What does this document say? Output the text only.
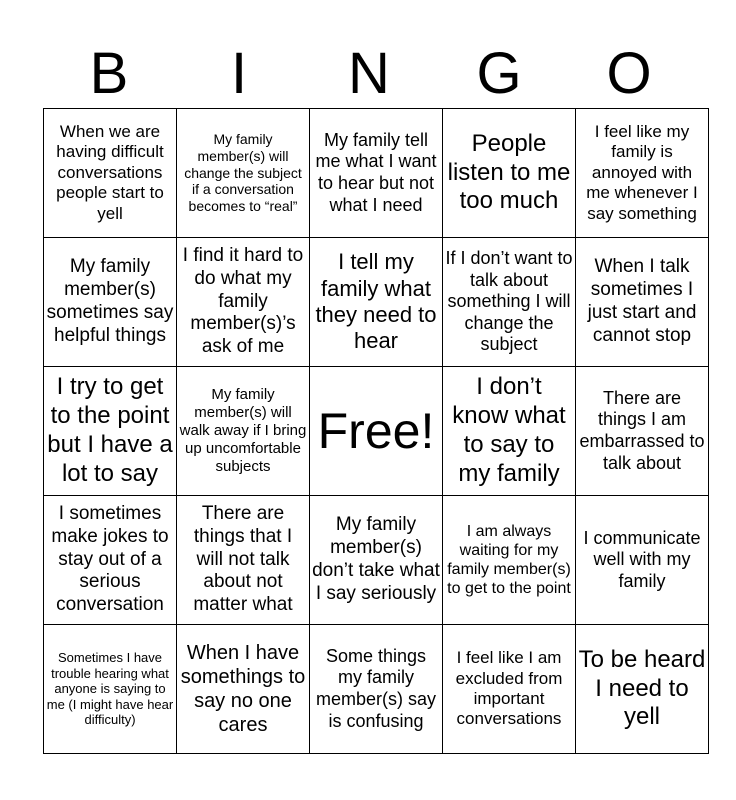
B	I	N	G	O
When we are having difficult conversations people start to yell	My family member(s) will change the subject if a conversation becomes to “real”	My family tell me what I want to hear but not what I need	People listen to me too much	I feel like my family is annoyed with me whenever I say something
My family member(s) sometimes say helpful things	I find it hard to do what my family member(s)’s ask of me	I tell my family what they need to hear	If I don’t want to talk about something I will change the subject	When I talk sometimes I just start and cannot stop
I try to get to the point but I have a lot to say	My family member(s) will walk away if I bring up uncomfortable subjects	Free!	I don’t know what to say to my family	There are things I am embarrassed to talk about
I sometimes make jokes to stay out of a serious conversation	There are things that I will not talk about not matter what	My family member(s) don’t take what I say seriously	I am always waiting for my family member(s) to get to the point	I communicate well with my family
Sometimes I have trouble hearing what anyone is saying to me (I might have hear difficulty)	When I have somethings to say no one cares	Some things my family member(s) say is confusing	I feel like I am excluded from important conversations	To be heard I need to yell
